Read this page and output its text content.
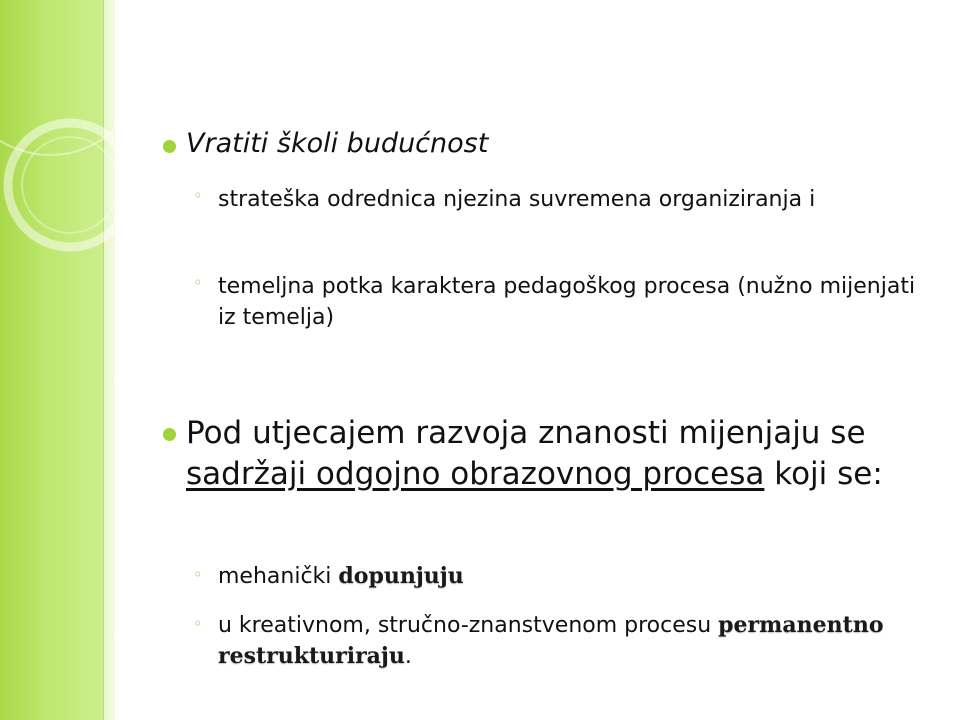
Vratiti školi budućnost
◦ strateška odrednica njezina suvremena organiziranja i
◦ temeljna potka karaktera pedagoškog procesa (nužno mijenjati iz temelja)
Pod utjecajem razvoja znanosti mijenjaju se sadržaji odgojno obrazovnog procesa koji se:
◦ mehanički dopunjuju
◦ u kreativnom, stručno-znanstvenom procesu permanentno restrukturiraju.
